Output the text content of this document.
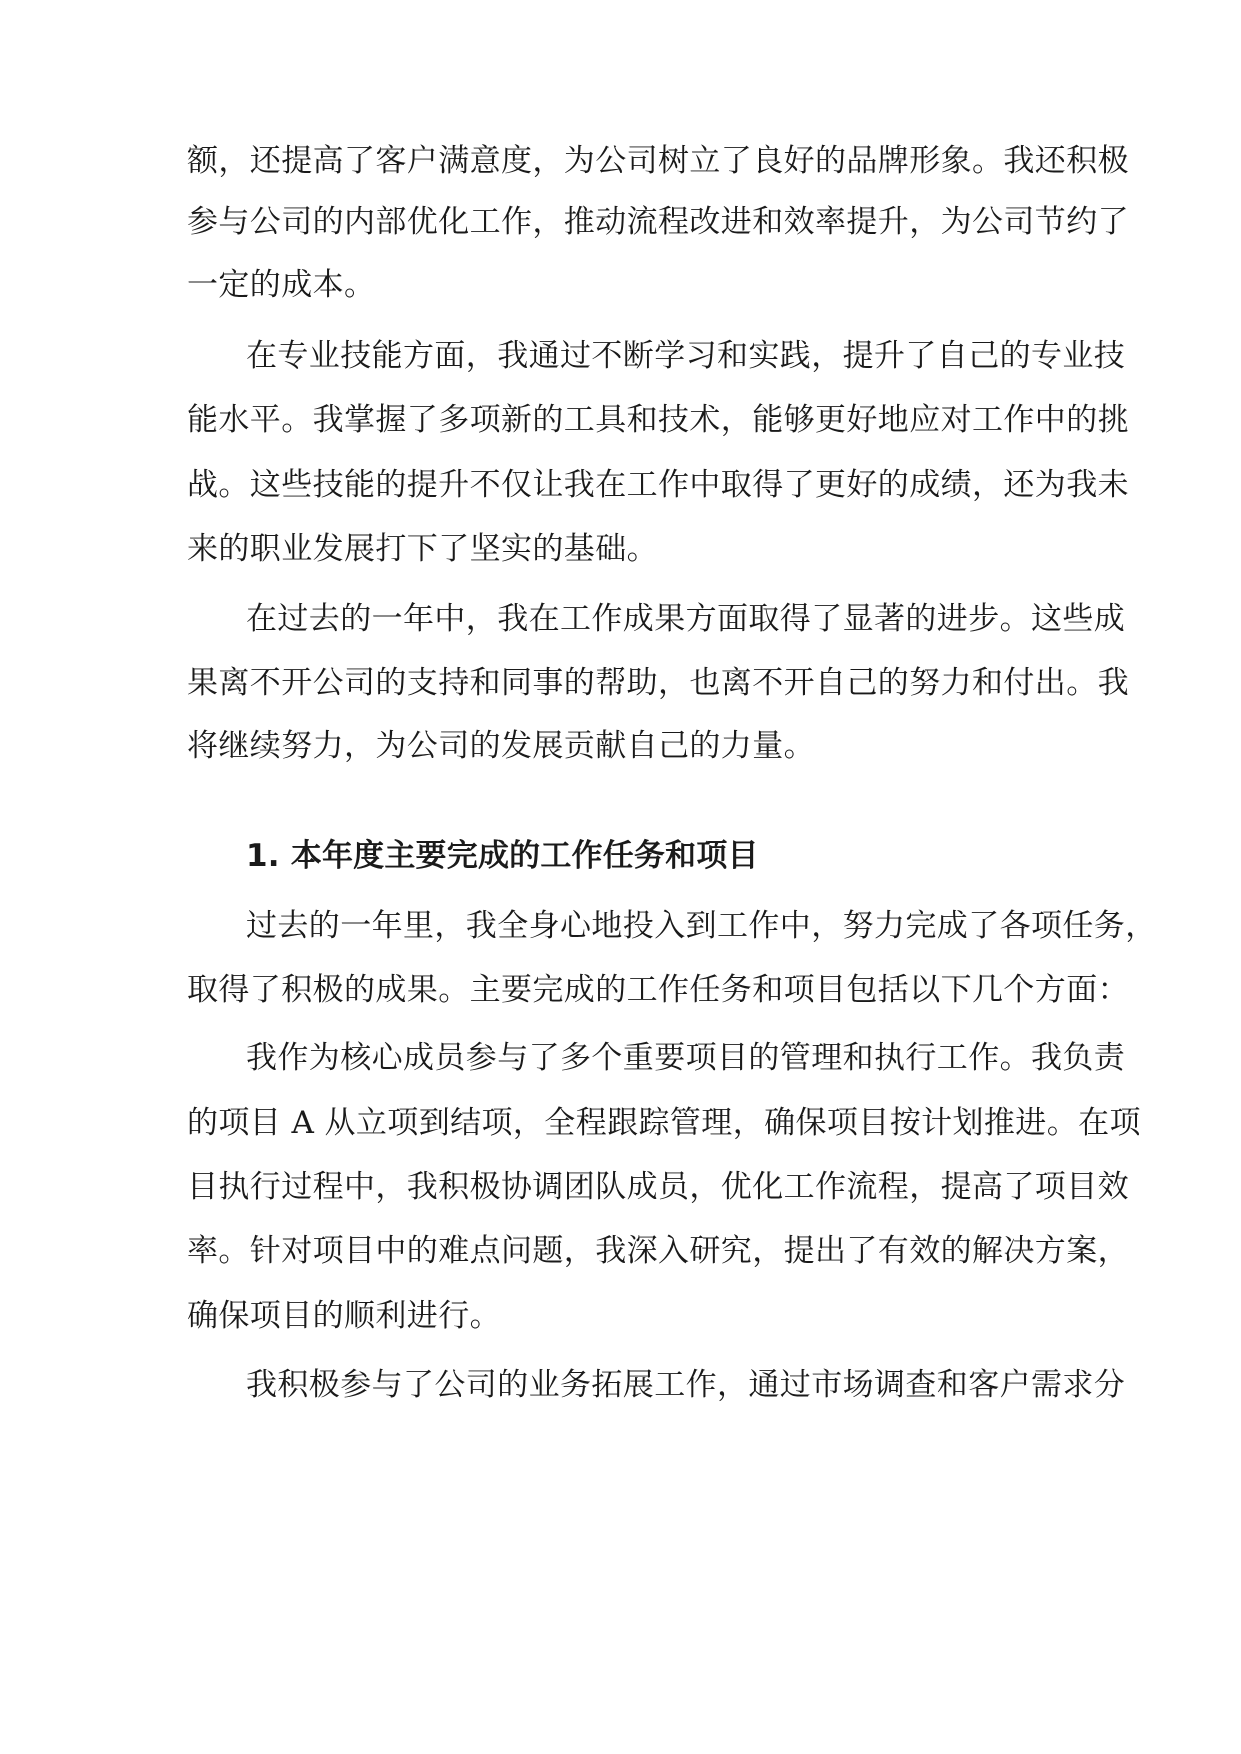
额，还提高了客户满意度，为公司树立了良好的品牌形象。我还积极
参与公司的内部优化工作，推动流程改进和效率提升，为公司节约了
一定的成本。
在专业技能方面，我通过不断学习和实践，提升了自己的专业技
能水平。我掌握了多项新的工具和技术，能够更好地应对工作中的挑
战。这些技能的提升不仅让我在工作中取得了更好的成绩，还为我未
来的职业发展打下了坚实的基础。
在过去的一年中，我在工作成果方面取得了显著的进步。这些成
果离不开公司的支持和同事的帮助，也离不开自己的努力和付出。我
将继续努力，为公司的发展贡献自己的力量。
1. 本年度主要完成的工作任务和项目
过去的一年里，我全身心地投入到工作中，努力完成了各项任务，
取得了积极的成果。主要完成的工作任务和项目包括以下几个方面：
我作为核心成员参与了多个重要项目的管理和执行工作。我负责
的项目 A 从立项到结项，全程跟踪管理，确保项目按计划推进。在项
目执行过程中，我积极协调团队成员，优化工作流程，提高了项目效
率。针对项目中的难点问题，我深入研究，提出了有效的解决方案，
确保项目的顺利进行。
我积极参与了公司的业务拓展工作，通过市场调查和客户需求分
